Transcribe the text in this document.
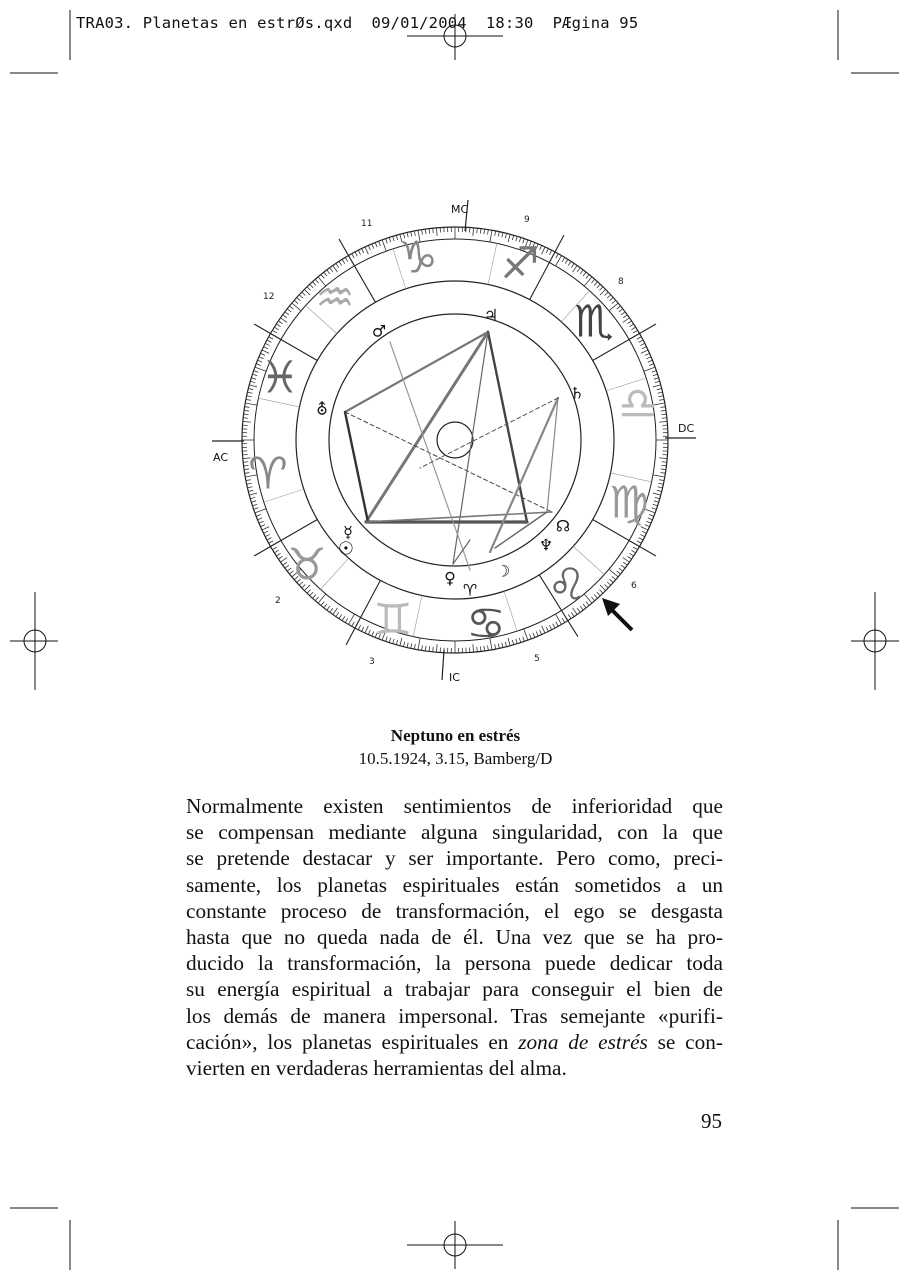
TRA03. Planetas en estrØs.qxd  09/01/2004  18:30  PÆgina 95
MC
IC
AC
DC
11	9
8
12
6
2
3	5
♒
♑ ♐
♏
♎
♍
♌
♋
♊
♉
♈
♓
♂
♃
♄
⛢
☿
☉
♀
♈
☽
♆
☊
Neptuno en estrés
10.5.1924, 3.15, Bamberg/D
Normalmente existen sentimientos de inferioridad que
se compensan mediante alguna singularidad, con la que
se pretende destacar y ser importante. Pero como, preci-
samente, los planetas espirituales están sometidos a un
constante proceso de transformación, el ego se desgasta
hasta que no queda nada de él. Una vez que se ha pro-
ducido la transformación, la persona puede dedicar toda
su energía espiritual a trabajar para conseguir el bien de
los demás de manera impersonal. Tras semejante «purifi-
cación», los planetas espirituales en zona de estrés se con-
vierten en verdaderas herramientas del alma.
95
